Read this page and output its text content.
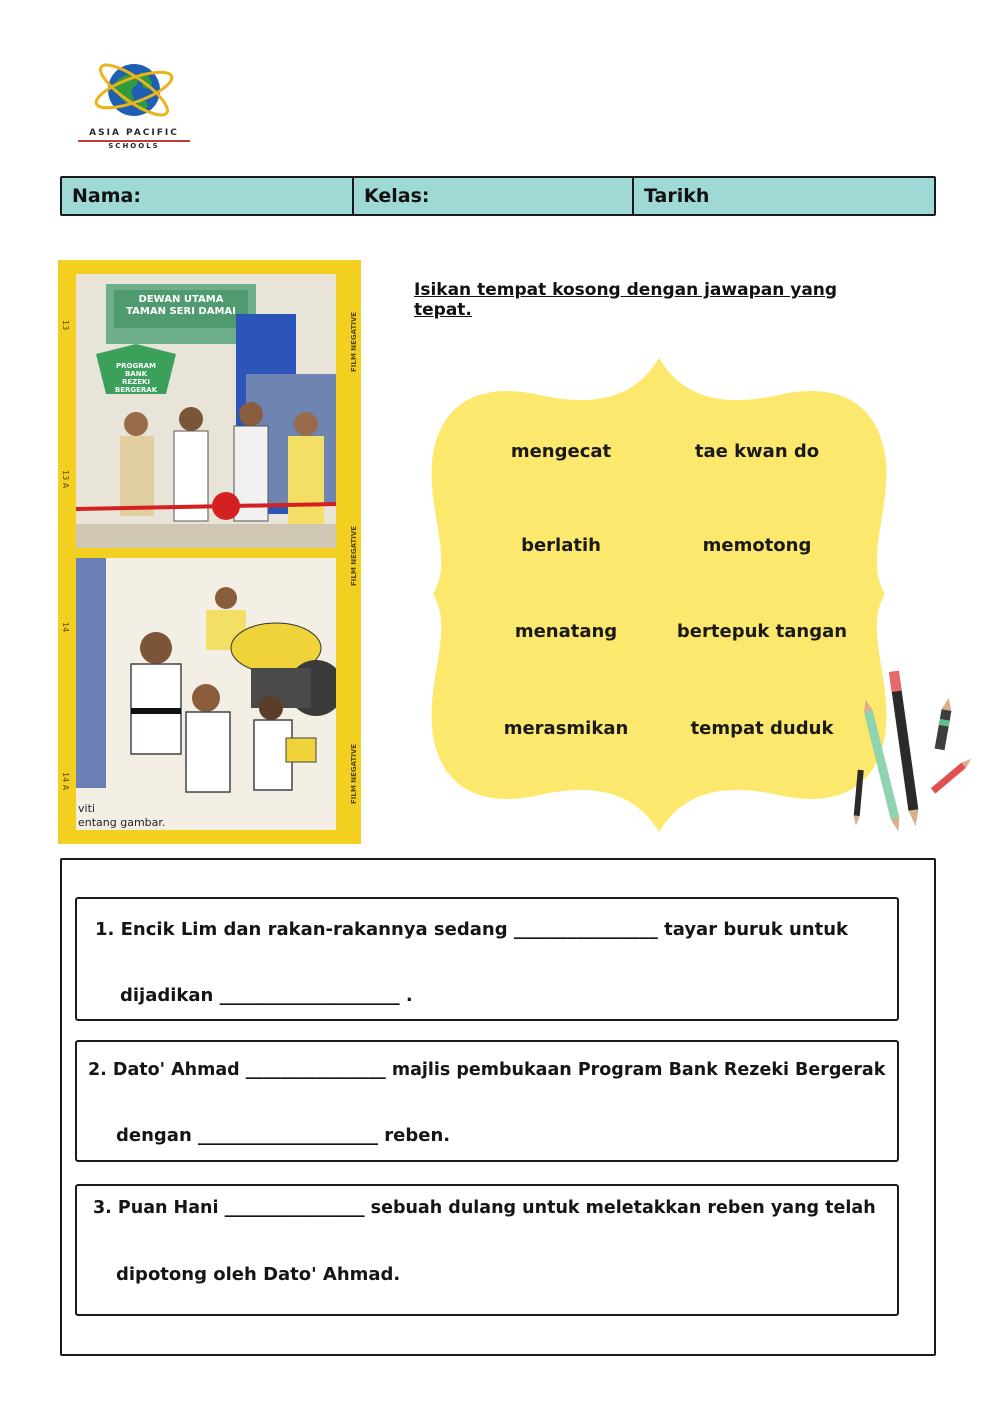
ASIA PACIFIC
SCHOOLS
Nama:	Kelas:	Tarikh
DEWAN UTAMA
TAMAN SERI DAMAI
PROGRAM
BANK
REZEKI
BERGERAK
FILM NEGATIVE
FILM NEGATIVE
FILM NEGATIVE
13
13 A
14
14 A
viti
entang gambar.
Isikan tempat kosong dengan jawapan yang tepat.
mengecat	tae kwan do
berlatih	memotong
menatang	bertepuk tangan
merasmikan	tempat duduk
1. Encik Lim dan rakan-rakannya sedang ________________ tayar buruk untuk
dijadikan ____________________ .
2. Dato' Ahmad ________________ majlis pembukaan Program Bank Rezeki Bergerak
dengan ____________________ reben.
3. Puan Hani ________________ sebuah dulang untuk meletakkan reben yang telah
dipotong oleh Dato' Ahmad.
